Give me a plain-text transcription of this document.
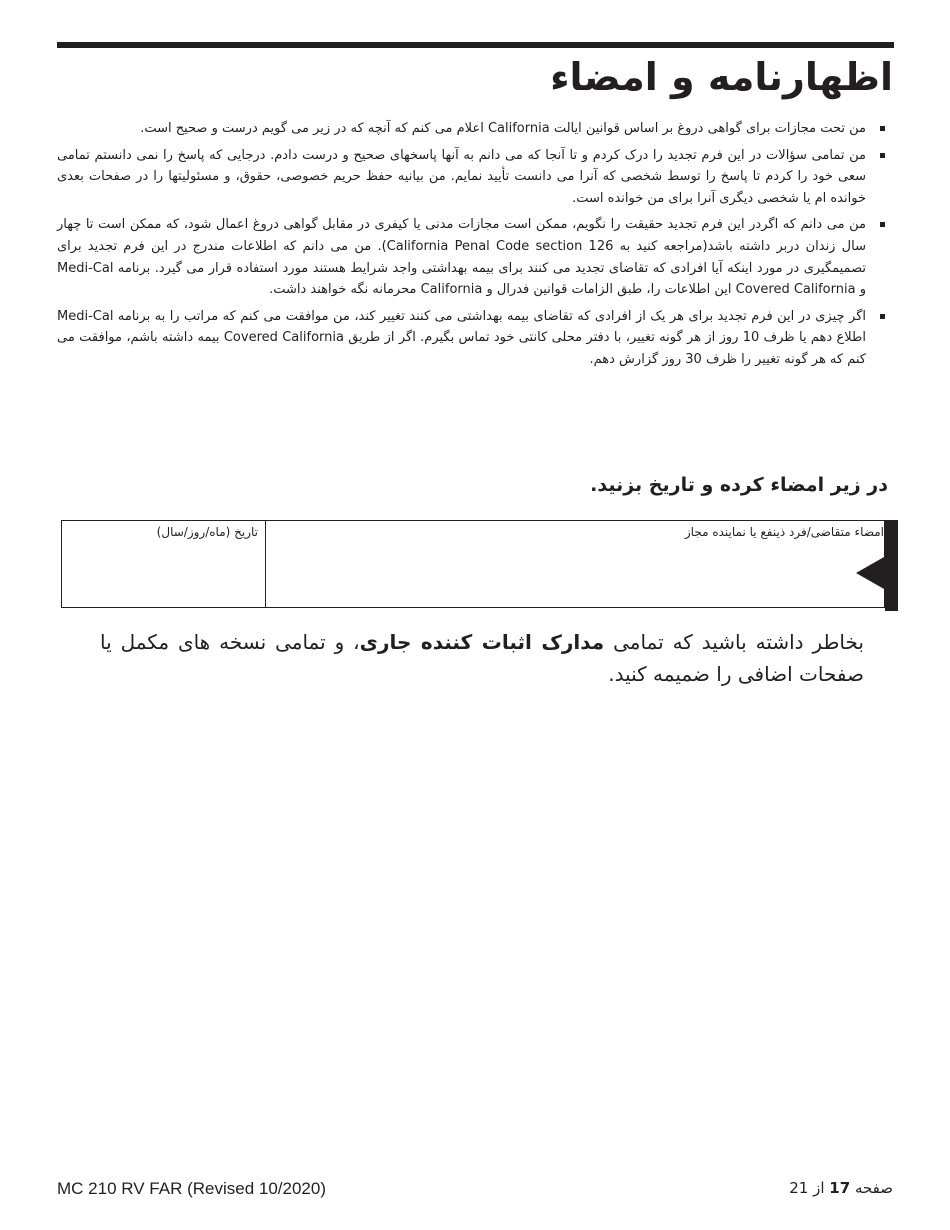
اظهارنامه و امضاء
من تحت مجازات برای گواهی دروغ بر اساس قوانین ایالت California اعلام می کنم که آنچه که در زیر می گویم درست و صحیح است.
من تمامی سؤالات در این فرم تجدید را درک کردم و تا آنجا که می دانم به آنها پاسخهای صحیح و درست دادم. درجایی که پاسخ را نمی دانستم تمامی سعی خود را کردم تا پاسخ را توسط شخصی که آنرا می دانست تأیید نمایم. من بیانیه حفظ حریم خصوصی، حقوق، و مسئولیتها را در صفحات بعدی خوانده ام یا شخصی دیگری آنرا برای من خوانده است.
من می دانم که اگردر این فرم تجدید حقیقت را نگویم، ممکن است مجازات مدنی یا کیفری در مقابل گواهی دروغ اعمال شود، که ممکن است تا چهار سال زندان دربر داشته باشد(مراجعه کنید به California Penal Code section 126). من می دانم که اطلاعات مندرج در این فرم تجدید برای تصمیمگیری در مورد اینکه آیا افرادی که تقاضای تجدید می کنند برای بیمه بهداشتی واجد شرایط هستند مورد استفاده قرار می گیرد. برنامه Medi-Cal و Covered California این اطلاعات را، طبق الزامات قوانین فدرال و California محرمانه نگه خواهند داشت.
اگر چیزی در این فرم تجدید برای هر یک از افرادی که تقاضای بیمه بهداشتی می کنند تغییر کند، من موافقت می کنم که مراتب را به برنامه Medi-Cal اطلاع دهم یا ظرف 10 روز از هر گونه تغییر، با دفتر محلی کانتی خود تماس بگیرم. اگر از طریق Covered California بیمه داشته باشم، موافقت می کنم که هر گونه تغییر را ظرف 30 روز گزارش دهم.
در زیر امضاء کرده و تاریخ بزنید.
امضاء متقاضی/فرد ذینفع یا نماینده مجاز
تاریخ (ماه/روز/سال)

بخاطر داشته باشید که تمامی مدارک اثبات کننده جاری، و تمامی نسخه های مکمل یا صفحات اضافی را ضمیمه کنید.

MC 210 RV FAR (Revised 10/2020)	صفحه 17 از 21
